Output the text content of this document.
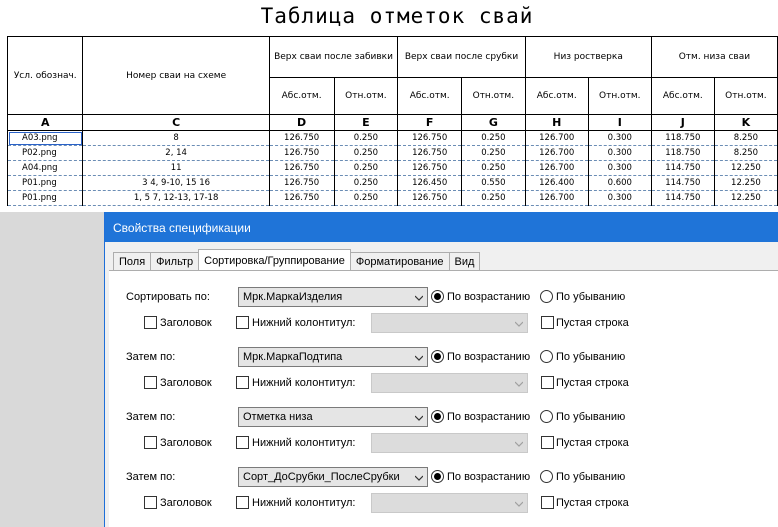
Таблица отметок свай
Усл. обознач.	Номер сваи на схеме	Верх сваи после забивки		Верх сваи после срубки		Низ ростверка		Отм. низа сваи	
		Абс.отм.	Отн.отм.	Абс.отм.	Отн.отм.	Абс.отм.	Отн.отм.	Абс.отм.	Отн.отм.
A	C	D	E	F	G	H	I	J	K
A03.png	8	126.750	0.250	126.750	0.250	126.700	0.300	118.750	8.250
P02.png	2, 14	126.750	0.250	126.750	0.250	126.700	0.300	118.750	8.250
A04.png	11	126.750	0.250	126.750	0.250	126.700	0.300	114.750	12.250
P01.png	3 4, 9-10, 15 16	126.750	0.250	126.450	0.550	126.400	0.600	114.750	12.250
P01.png	1, 5 7, 12-13, 17-18	126.750	0.250	126.750	0.250	126.700	0.300	114.750	12.250
Свойства спецификации
Поля	Фильтр	Сортировка/Группирование	Форматирование	Вид
Сортировать по:	Мрк.МаркаИзделия	По возрастанию По убыванию
Заголовок	Нижний колонтитул:	Пустая строка
Затем по:	Мрк.МаркаПодтипа	По возрастанию По убыванию
Заголовок	Нижний колонтитул:	Пустая строка
Затем по:	Отметка низа	По возрастанию По убыванию
Заголовок	Нижний колонтитул:	Пустая строка
Затем по:	Сорт_ДоСрубки_ПослеСрубки	По возрастанию По убыванию
Заголовок	Нижний колонтитул:	Пустая строка
